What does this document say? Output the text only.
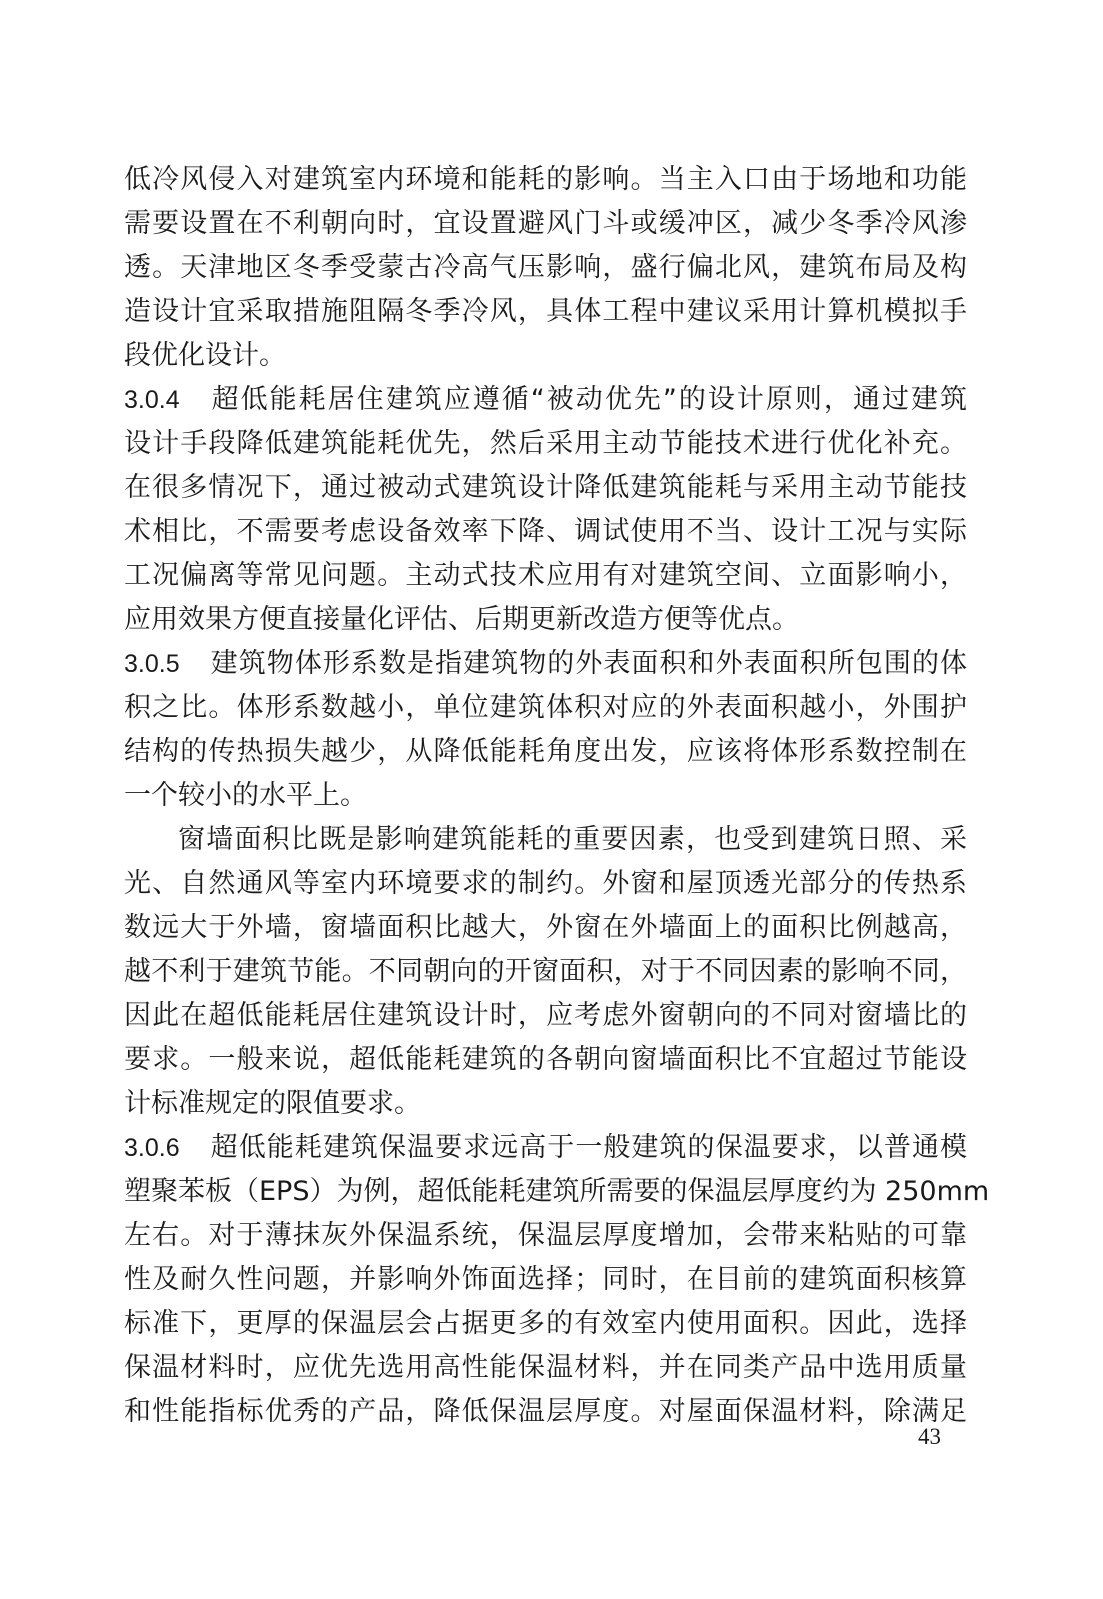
低冷风侵入对建筑室内环境和能耗的影响。当主入口由于场地和功能
需要设置在不利朝向时，宜设置避风门斗或缓冲区，减少冬季冷风渗
透。天津地区冬季受蒙古冷高气压影响，盛行偏北风，建筑布局及构
造设计宜采取措施阻隔冬季冷风，具体工程中建议采用计算机模拟手
段优化设计。
3.0.4 超低能耗居住建筑应遵循“被动优先”的设计原则，通过建筑
设计手段降低建筑能耗优先，然后采用主动节能技术进行优化补充。
在很多情况下，通过被动式建筑设计降低建筑能耗与采用主动节能技
术相比，不需要考虑设备效率下降、调试使用不当、设计工况与实际
工况偏离等常见问题。主动式技术应用有对建筑空间、立面影响小，
应用效果方便直接量化评估、后期更新改造方便等优点。
3.0.5 建筑物体形系数是指建筑物的外表面积和外表面积所包围的体
积之比。体形系数越小，单位建筑体积对应的外表面积越小，外围护
结构的传热损失越少，从降低能耗角度出发，应该将体形系数控制在
一个较小的水平上。
窗墙面积比既是影响建筑能耗的重要因素，也受到建筑日照、采
光、自然通风等室内环境要求的制约。外窗和屋顶透光部分的传热系
数远大于外墙，窗墙面积比越大，外窗在外墙面上的面积比例越高，
越不利于建筑节能。不同朝向的开窗面积，对于不同因素的影响不同，
因此在超低能耗居住建筑设计时，应考虑外窗朝向的不同对窗墙比的
要求。一般来说，超低能耗建筑的各朝向窗墙面积比不宜超过节能设
计标准规定的限值要求。
3.0.6 超低能耗建筑保温要求远高于一般建筑的保温要求，以普通模
塑聚苯板（EPS）为例，超低能耗建筑所需要的保温层厚度约为 250mm
左右。对于薄抹灰外保温系统，保温层厚度增加，会带来粘贴的可靠
性及耐久性问题，并影响外饰面选择；同时，在目前的建筑面积核算
标准下，更厚的保温层会占据更多的有效室内使用面积。因此，选择
保温材料时，应优先选用高性能保温材料，并在同类产品中选用质量
和性能指标优秀的产品，降低保温层厚度。对屋面保温材料，除满足
43
